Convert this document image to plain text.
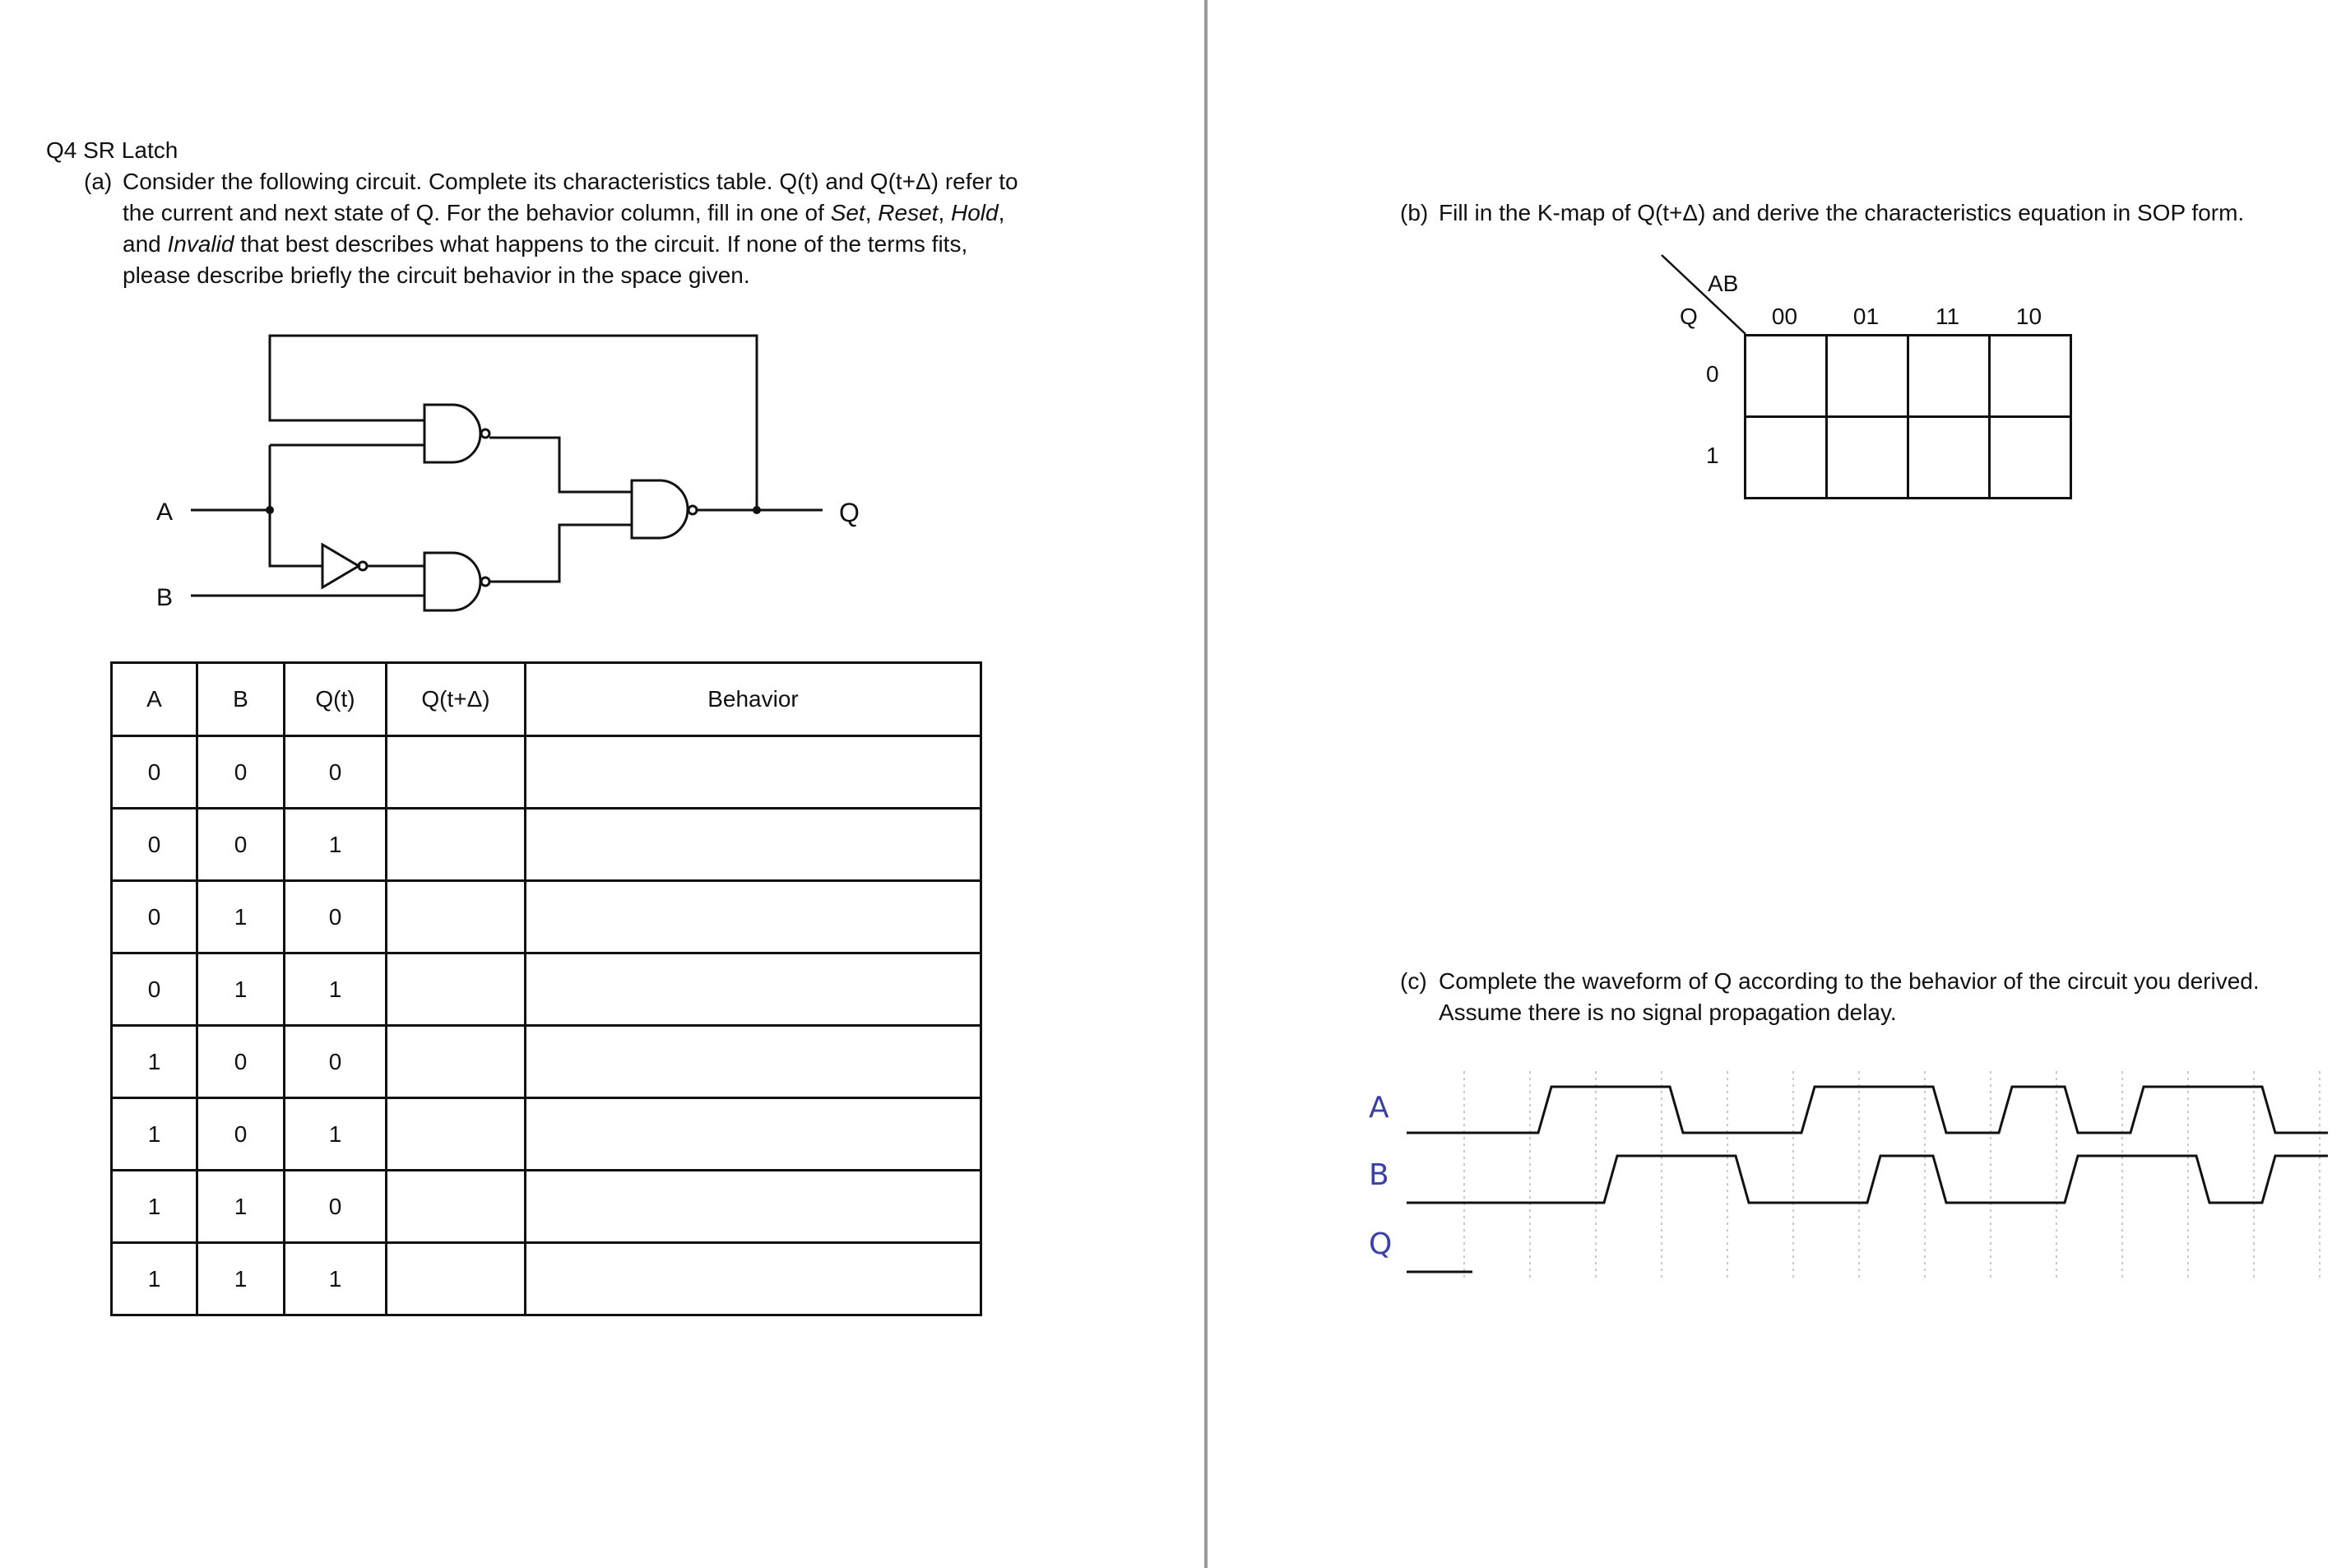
Q4 SR Latch
(a) Consider the following circuit. Complete its characteristics table. Q(t) and Q(t+Δ) refer to
the current and next state of Q. For the behavior column, fill in one of Set, Reset, Hold,
and Invalid that best describes what happens to the circuit. If none of the terms fits,
please describe briefly the circuit behavior in the space given.
A
B
Q
A	B	Q(t)	Q(t+Δ)	Behavior
0	0	0		
0	0	1		
0	1	0		
0	1	1		
1	0	0		
1	0	1		
1	1	0		
1	1	1		
(b) Fill in the K-map of Q(t+Δ) and derive the characteristics equation in SOP form.
AB
Q	00	01	11	10
0
1
(c) Complete the waveform of Q according to the behavior of the circuit you derived.
Assume there is no signal propagation delay.
A
B
Q
